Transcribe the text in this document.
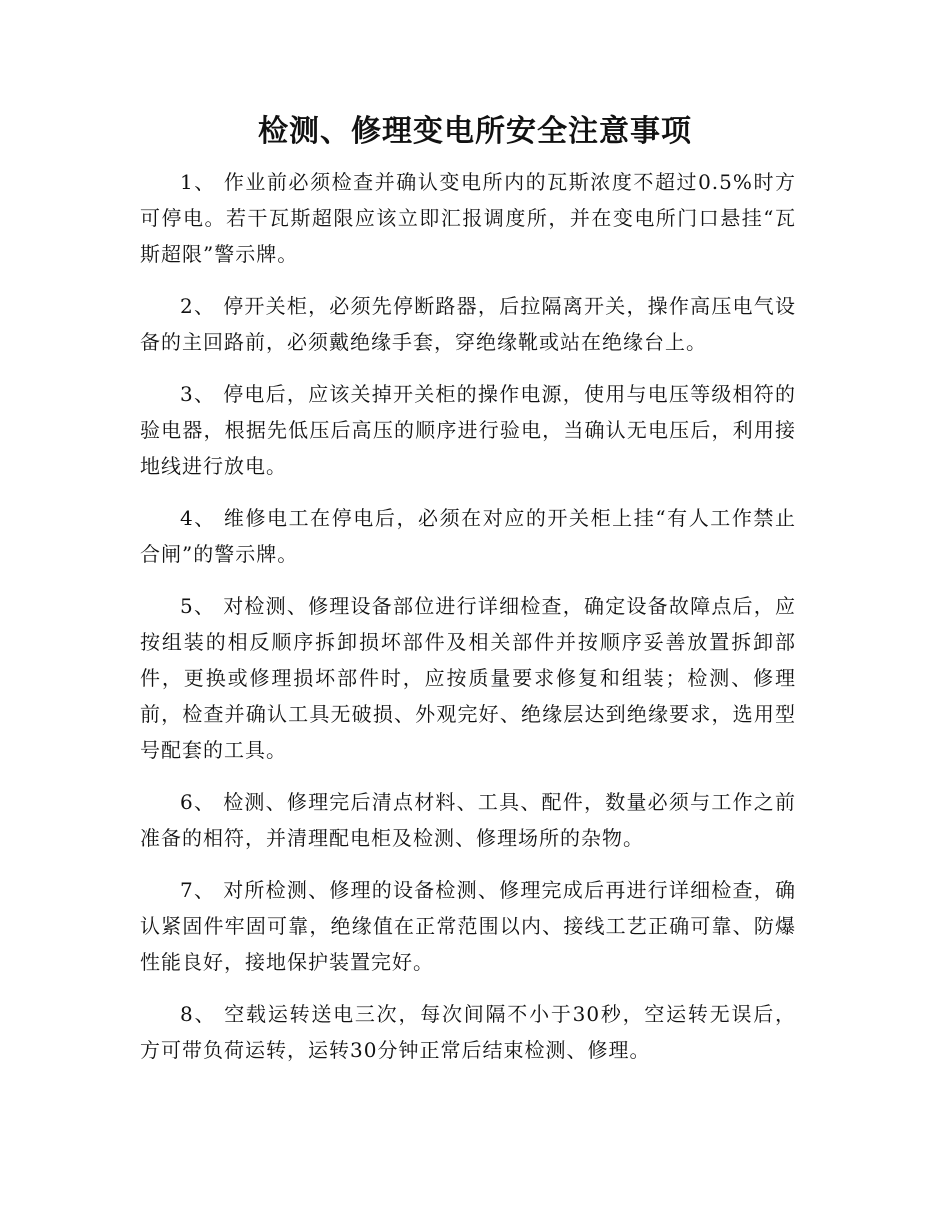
检测、修理变电所安全注意事项

1、 作业前必须检查并确认变电所内的瓦斯浓度不超过0.5%时方可停电。若干瓦斯超限应该立即汇报调度所，并在变电所门口悬挂“瓦斯超限”警示牌。

2、 停开关柜，必须先停断路器，后拉隔离开关，操作高压电气设备的主回路前，必须戴绝缘手套，穿绝缘靴或站在绝缘台上。

3、 停电后，应该关掉开关柜的操作电源，使用与电压等级相符的验电器，根据先低压后高压的顺序进行验电，当确认无电压后，利用接地线进行放电。

4、 维修电工在停电后，必须在对应的开关柜上挂“有人工作禁止合闸”的警示牌。

5、 对检测、修理设备部位进行详细检查，确定设备故障点后，应按组装的相反顺序拆卸损坏部件及相关部件并按顺序妥善放置拆卸部件，更换或修理损坏部件时，应按质量要求修复和组装；检测、修理前，检查并确认工具无破损、外观完好、绝缘层达到绝缘要求，选用型号配套的工具。

6、 检测、修理完后清点材料、工具、配件，数量必须与工作之前准备的相符，并清理配电柜及检测、修理场所的杂物。

7、 对所检测、修理的设备检测、修理完成后再进行详细检查，确认紧固件牢固可靠，绝缘值在正常范围以内、接线工艺正确可靠、防爆性能良好，接地保护装置完好。

8、 空载运转送电三次，每次间隔不小于30秒，空运转无误后，方可带负荷运转，运转30分钟正常后结束检测、修理。
